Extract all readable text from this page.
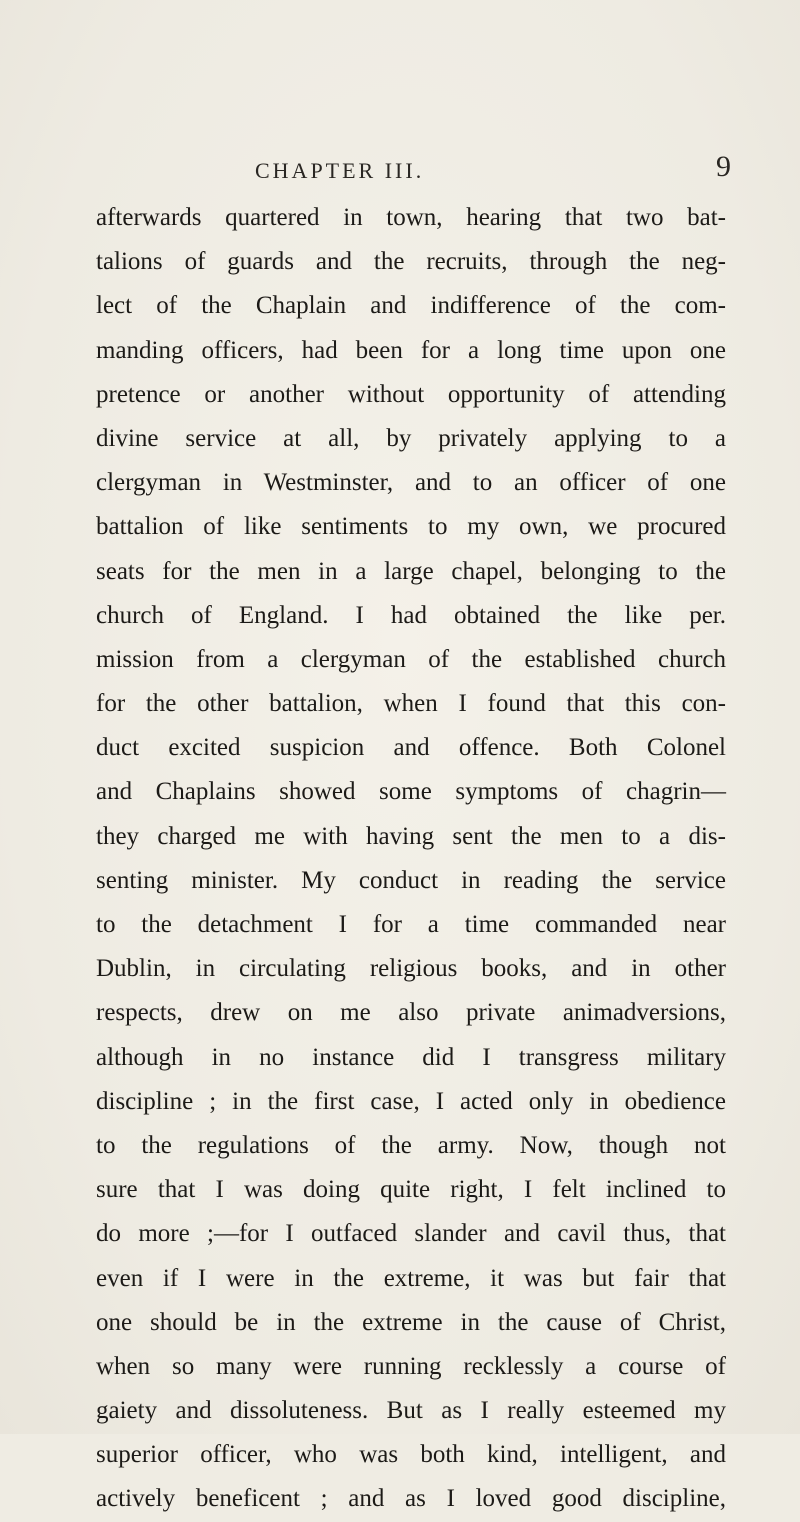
CHAPTER III.	9
afterwards quartered in town, hearing that two bat-
talions of guards and the recruits, through the neg-
lect of the Chaplain and indifference of the com-
manding officers, had been for a long time upon one
pretence or another without opportunity of attending
divine service at all, by privately applying to a
clergyman in Westminster, and to an officer of one
battalion of like sentiments to my own, we procured
seats for the men in a large chapel, belonging to the
church of England. I had obtained the like per.
mission from a clergyman of the established church
for the other battalion, when I found that this con-
duct excited suspicion and offence. Both Colonel
and Chaplains showed some symptoms of chagrin—
they charged me with having sent the men to a dis-
senting minister. My conduct in reading the service
to the detachment I for a time commanded near
Dublin, in circulating religious books, and in other
respects, drew on me also private animadversions,
although in no instance did I transgress military
discipline ; in the first case, I acted only in obedience
to the regulations of the army. Now, though not
sure that I was doing quite right, I felt inclined to
do more ;—for I outfaced slander and cavil thus, that
even if I were in the extreme, it was but fair that
one should be in the extreme in the cause of Christ,
when so many were running recklessly a course of
gaiety and dissoluteness. But as I really esteemed my
superior officer, who was both kind, intelligent, and
actively beneficent ; and as I loved good discipline,
